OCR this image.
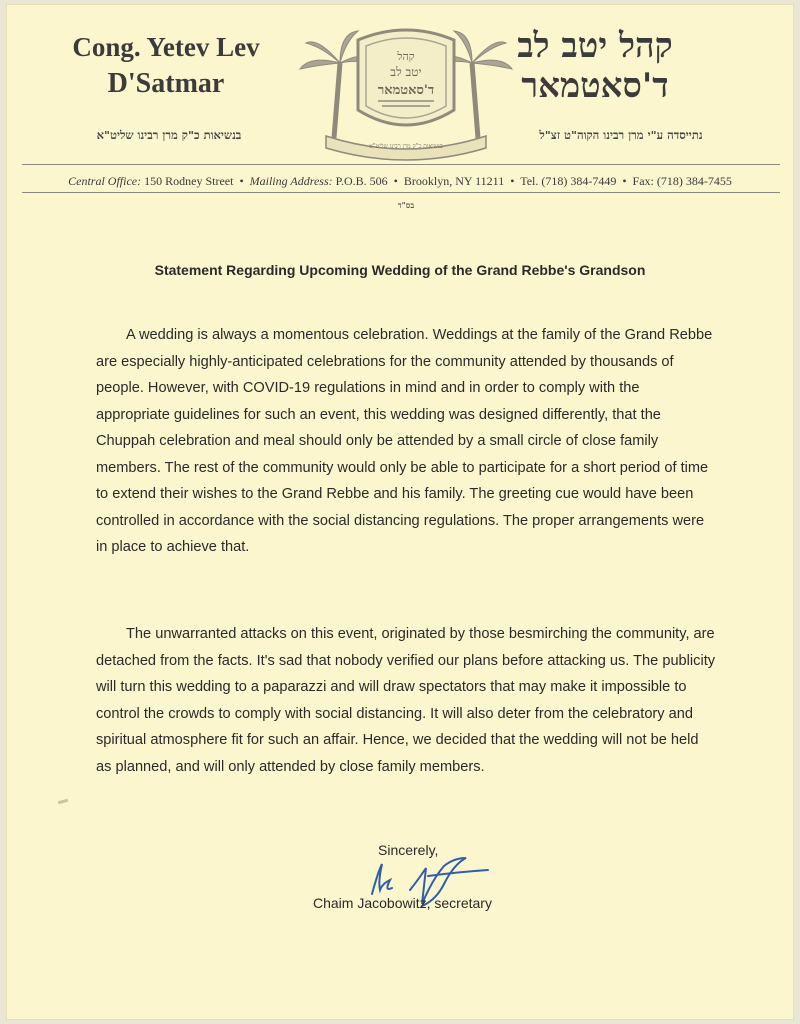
Cong. Yetev Lev
D'Satmar
קהל
יטב לב
ד'סאטמאר
בנשיאות כ"ק מרן רבינו שליט"א
קהל יטב לב
ד'סאטמאר
בנשיאות כ"ק מרן רבינו שליט"א	נתייסדה ע"י מרן רבינו הקוה"ט זצ"ל
Central Office: 150 Rodney Street • Mailing Address: P.O.B. 506 • Brooklyn, NY 11211 • Tel. (718) 384-7449 • Fax: (718) 384-7455
בס"ד
Statement Regarding Upcoming Wedding of the Grand Rebbe's Grandson

A wedding is always a momentous celebration. Weddings at the family of the Grand Rebbe are especially highly-anticipated celebrations for the community attended by thousands of people. However, with COVID-19 regulations in mind and in order to comply with the appropriate guidelines for such an event, this wedding was designed differently, that the Chuppah celebration and meal should only be attended by a small circle of close family members. The rest of the community would only be able to participate for a short period of time to extend their wishes to the Grand Rebbe and his family. The greeting cue would have been controlled in accordance with the social distancing regulations. The proper arrangements were in place to achieve that.

The unwarranted attacks on this event, originated by those besmirching the community, are detached from the facts. It's sad that nobody verified our plans before attacking us. The publicity will turn this wedding to a paparazzi and will draw spectators that may make it impossible to control the crowds to comply with social distancing. It will also deter from the celebratory and spiritual atmosphere fit for such an affair. Hence, we decided that the wedding will not be held as planned, and will only attended by close family members.

Sincerely,
Chaim Jacobowitz, secretary
